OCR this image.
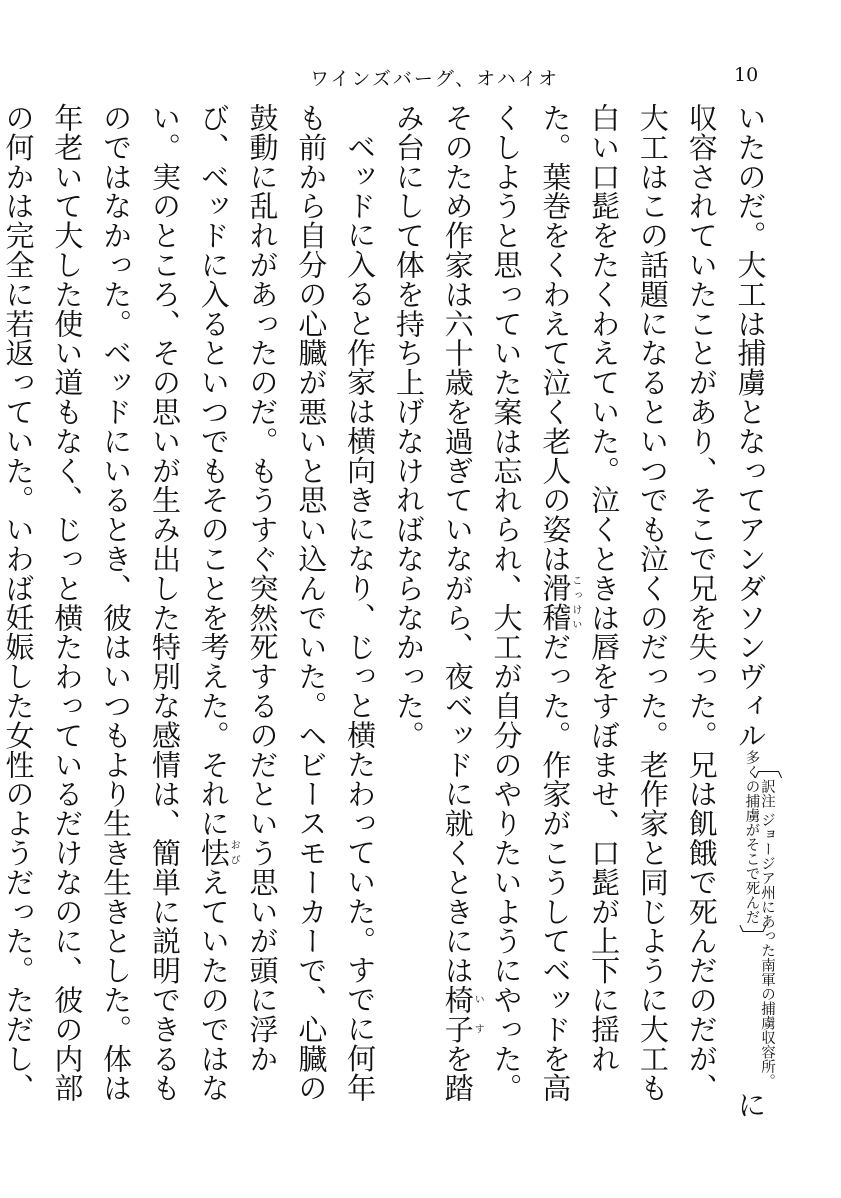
ワインズバーグ、オハイオ	10

いたのだ。大工は捕虜となってアンダソンヴィル〔訳注 ジョージア州にあった南軍の捕虜収容所。多くの捕虜がそこで死んだ〕に収容されていたことがあり、そこで兄を失った。兄は飢餓で死んだのだが、大工はこの話題になるといつでも泣くのだった。老作家と同じように大工も白い口髭をたくわえていた。泣くときは唇をすぼませ、口髭が上下に揺れた。葉巻をくわえて泣く老人の姿は滑稽こっけいだった。作家がこうしてベッドを高くしようと思っていた案は忘れられ、大工が自分のやりたいようにやった。そのため作家は六十歳を過ぎていながら、夜ベッドに就くときには椅子いすを踏み台にして体を持ち上げなければならなかった。

ベッドに入ると作家は横向きになり、じっと横たわっていた。すでに何年も前から自分の心臓が悪いと思い込んでいた。ヘビースモーカーで、心臓の鼓動に乱れがあったのだ。もうすぐ突然死するのだという思いが頭に浮かび、ベッドに入るといつでもそのことを考えた。それに怯おびえていたのではない。実のところ、その思いが生み出した特別な感情は、簡単に説明できるものではなかった。ベッドにいるとき、彼はいつもより生き生きとした。体は年老いて大した使い道もなく、じっと横たわっているだけなのに、彼の内部の何かは完全に若返っていた。いわば妊娠した女性のようだった。ただし、
